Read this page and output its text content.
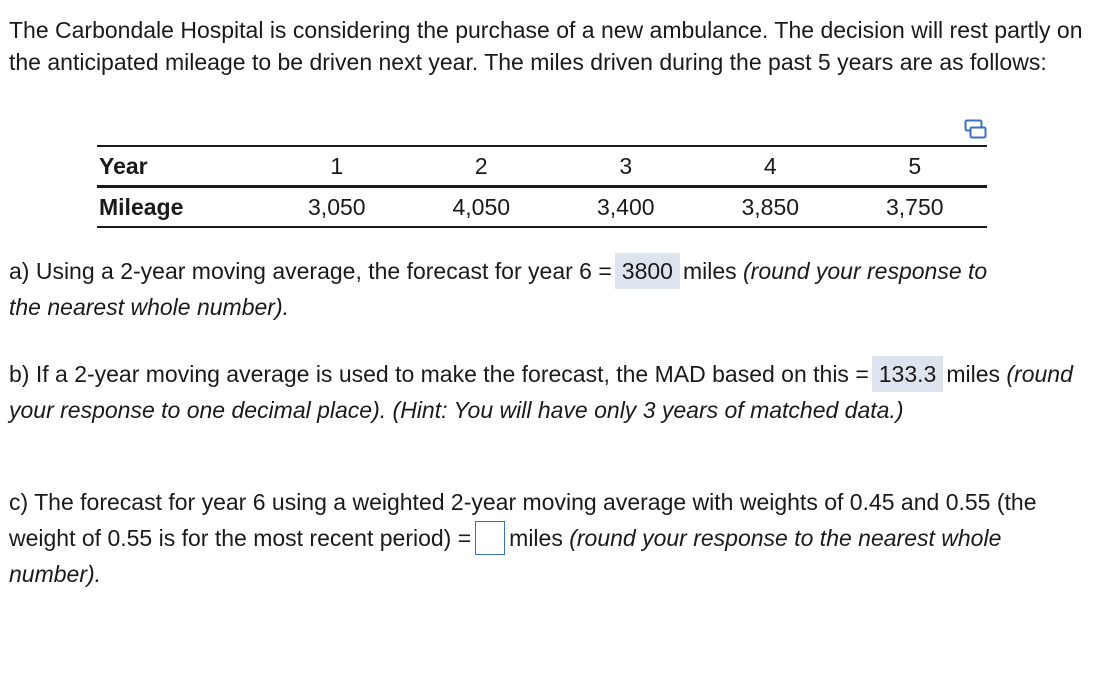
The Carbondale Hospital is considering the purchase of a new ambulance. The decision will rest partly on the anticipated mileage to be driven next year. The miles driven during the past 5 years are as follows:

Year	1	2	3	4	5
Mileage	3,050	4,050	3,400	3,850	3,750

a) Using a 2-year moving average, the forecast for year 6 = 3800 miles (round your response to the nearest whole number).

b) If a 2-year moving average is used to make the forecast, the MAD based on this = 133.3 miles (round your response to one decimal place). (Hint: You will have only 3 years of matched data.)

c) The forecast for year 6 using a weighted 2-year moving average with weights of 0.45 and 0.55 (the weight of 0.55 is for the most recent period) = miles (round your response to the nearest whole number).
